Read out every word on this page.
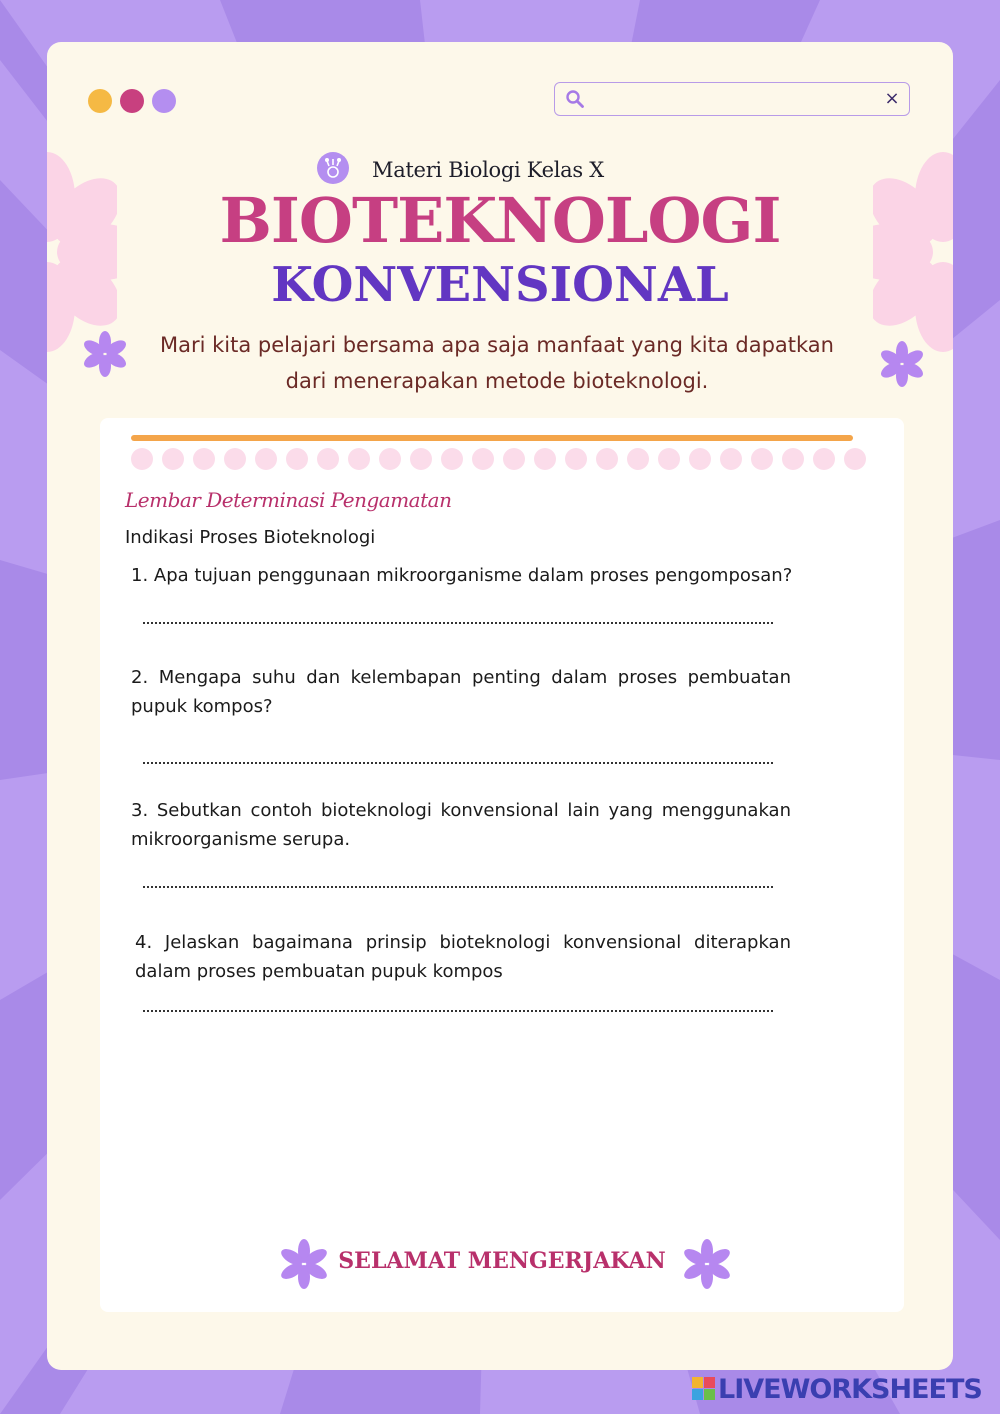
×
Materi Biologi Kelas X
BIOTEKNOLOGI
KONVENSIONAL
Mari kita pelajari bersama apa saja manfaat yang kita dapatkan
dari menerapakan metode bioteknologi.
Lembar Determinasi Pengamatan
Indikasi Proses Bioteknologi
1. Apa tujuan penggunaan mikroorganisme dalam proses pengomposan?
2. Mengapa suhu dan kelembapan penting dalam proses pembuatan pupuk kompos?
3. Sebutkan contoh bioteknologi konvensional lain yang menggunakan mikroorganisme serupa.
4. Jelaskan bagaimana prinsip bioteknologi konvensional diterapkan dalam proses pembuatan pupuk kompos
SELAMAT MENGERJAKAN
LIVEWORKSHEETS
